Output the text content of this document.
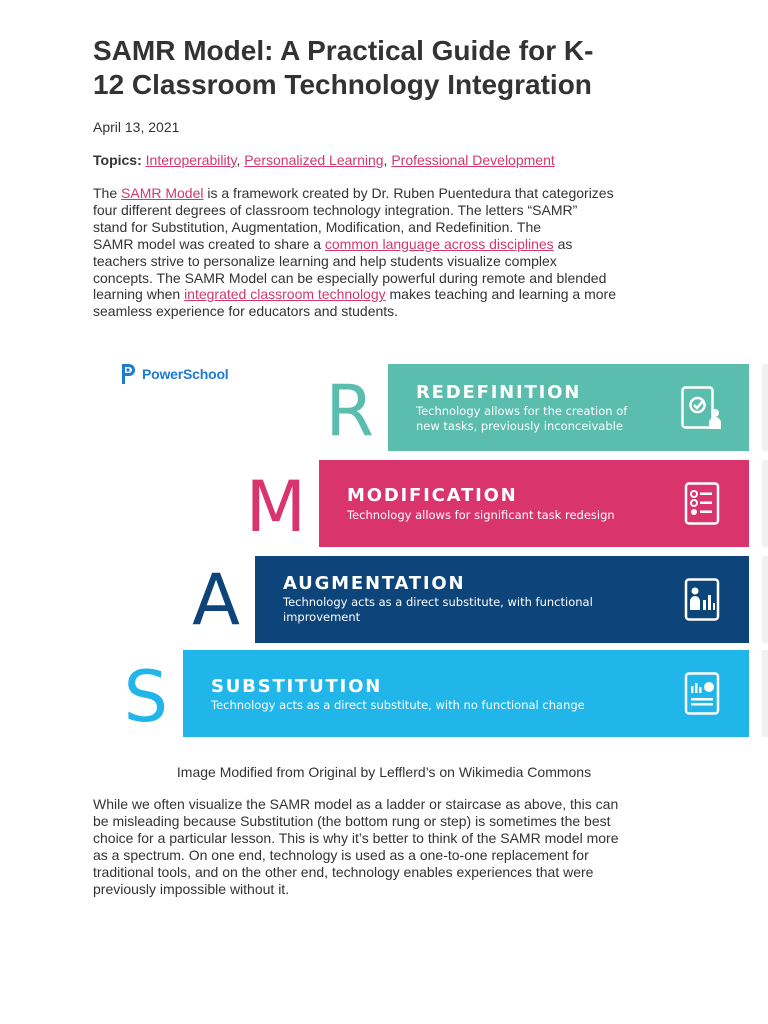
SAMR Model: A Practical Guide for K-
12 Classroom Technology Integration
April 13, 2021
Topics: Interoperability, Personalized Learning, Professional Development

The SAMR Model is a framework created by Dr. Ruben Puentedura that categorizes
four different degrees of classroom technology integration. The letters “SAMR”
stand for Substitution, Augmentation, Modification, and Redefinition. The
SAMR model was created to share a common language across disciplines as
teachers strive to personalize learning and help students visualize complex
concepts. The SAMR Model can be especially powerful during remote and blended
learning when integrated classroom technology makes teaching and learning a more
seamless experience for educators and students.

PowerSchool	R REDEFINITION
Technology allows for the creation of
new tasks, previously inconceivable
M MODIFICATION
Technology allows for significant task redesign
A AUGMENTATION
Technology acts as a direct substitute, with functional
improvement
S SUBSTITUTION
Technology acts as a direct substitute, with no functional change
Image Modified from Original by Lefflerd’s on Wikimedia Commons

While we often visualize the SAMR model as a ladder or staircase as above, this can
be misleading because Substitution (the bottom rung or step) is sometimes the best
choice for a particular lesson. This is why it’s better to think of the SAMR model more
as a spectrum. On one end, technology is used as a one-to-one replacement for
traditional tools, and on the other end, technology enables experiences that were
previously impossible without it.
